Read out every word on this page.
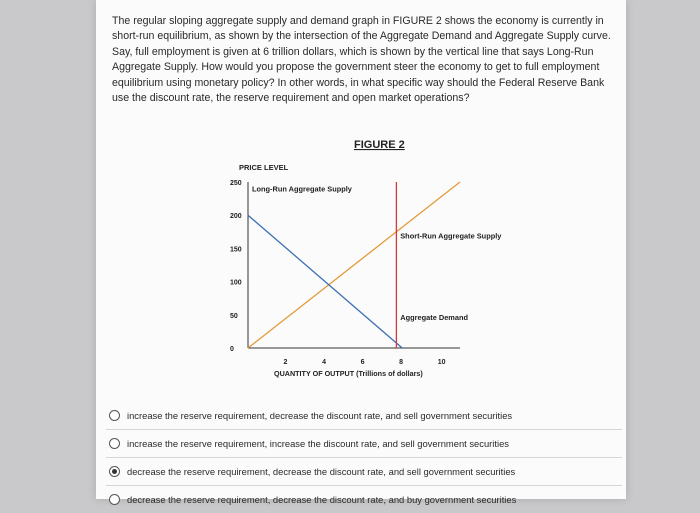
The regular sloping aggregate supply and demand graph in FIGURE 2 shows the economy is currently in short-run equilibrium, as shown by the intersection of the Aggregate Demand and Aggregate Supply curve. Say, full employment is given at 6 trillion dollars, which is shown by the vertical line that says Long-Run Aggregate Supply. How would you propose the government steer the economy to get to full employment equilibrium using monetary policy? In other words, in what specific way should the Federal Reserve Bank use the discount rate, the reserve requirement and open market operations?
FIGURE 2
PRICE LEVEL
QUANTITY OF OUTPUT (Trillions of dollars)
0
50
100
150
200
250
2	4	6	8	10
Long-Run Aggregate Supply
Short-Run Aggregate Supply
Aggregate Demand
increase the reserve requirement, decrease the discount rate, and sell government securities
increase the reserve requirement, increase the discount rate, and sell government securities
decrease the reserve requirement, decrease the discount rate, and sell government securities
decrease the reserve requirement, decrease the discount rate, and buy government securities
